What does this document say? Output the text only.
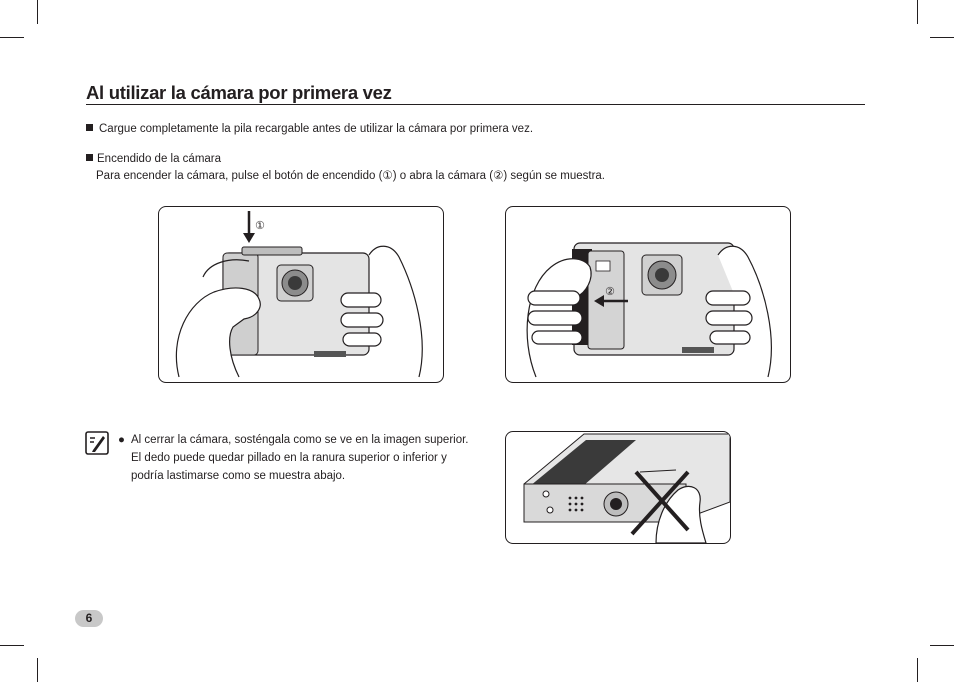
Al utilizar la cámara por primera vez
Cargue completamente la pila recargable antes de utilizar la cámara por primera vez.
Encendido de la cámara
Para encender la cámara, pulse el botón de encendido (①) o abra la cámara (②) según se muestra.
①
②
● Al cerrar la cámara, sosténgala como se ve en la imagen superior. El dedo puede quedar pillado en la ranura superior o inferior y podría lastimarse como se muestra abajo.
6
